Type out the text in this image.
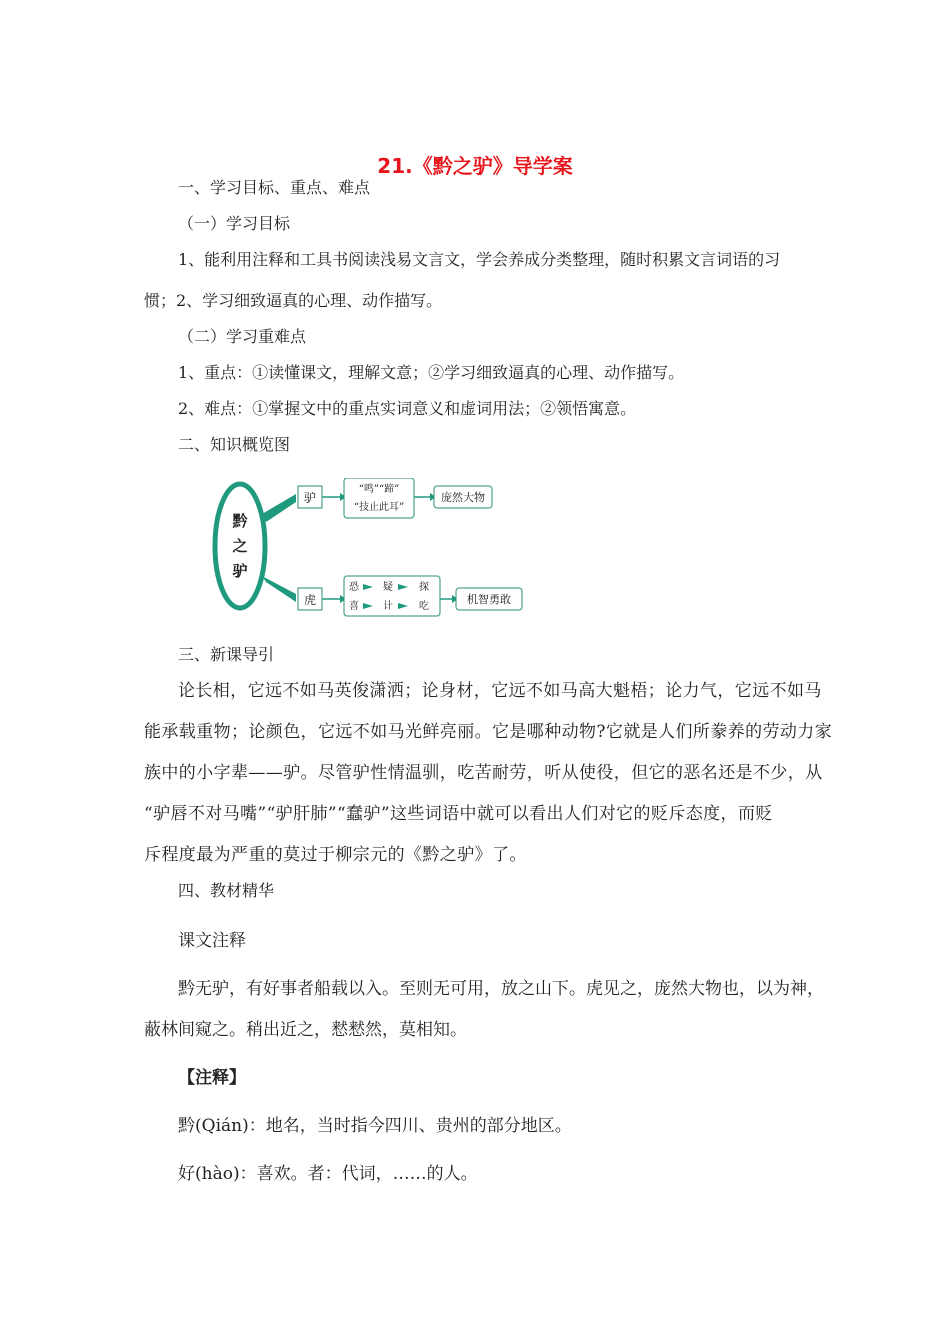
21.《黔之驴》导学案
一、学习目标、重点、难点
（一）学习目标
1、能利用注释和工具书阅读浅易文言文，学会养成分类整理，随时积累文言词语的习
惯；2、学习细致逼真的心理、动作描写。
（二）学习重难点
1、重点：①读懂课文，理解文意；②学习细致逼真的心理、动作描写。
2、难点：①掌握文中的重点实词意义和虚词用法；②领悟寓意。
二、知识概览图
黔
之
驴
驴
“鸣”“蹄”
“技止此耳”
庞然大物
虎
恐 疑	探
喜 计	吃
机智勇敢
三、新课导引
论长相，它远不如马英俊潇洒；论身材，它远不如马高大魁梧；论力气，它远不如马
能承载重物；论颜色，它远不如马光鲜亮丽。它是哪种动物?它就是人们所豢养的劳动力家
族中的小字辈——驴。尽管驴性情温驯，吃苦耐劳，听从使役，但它的恶名还是不少，从
“驴唇不对马嘴”“驴肝肺”“蠢驴”这些词语中就可以看出人们对它的贬斥态度，而贬
斥程度最为严重的莫过于柳宗元的《黔之驴》了。
四、教材精华
课文注释
黔无驴，有好事者船载以入。至则无可用，放之山下。虎见之，庞然大物也，以为神，
蔽林间窥之。稍出近之，慭慭然，莫相知。
【注释】
黔(Qián)：地名，当时指今四川、贵州的部分地区。
好(hào)：喜欢。者：代词，……的人。
